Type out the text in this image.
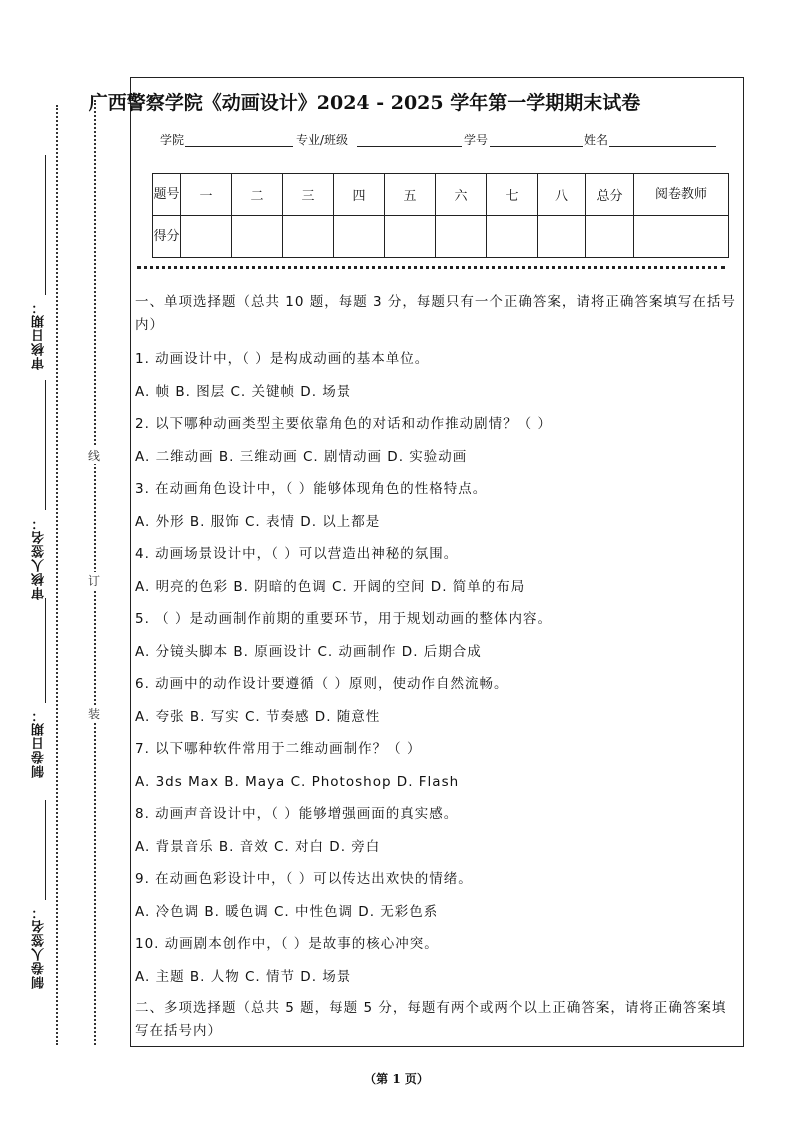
审核日期：
审核人签名：
制卷日期：
制卷人签名：
线
订
装
广西警察学院《动画设计》2024 - 2025 学年第一学期期末试卷
学院	专业/班级	学号	姓名
题号	一	二	三	四	五	六	七	八	总分	阅卷教师
得分										

一、单项选择题（总共 10 题，每题 3 分，每题只有一个正确答案，请将正确答案填写在括号内）

1. 动画设计中，（ ）是构成动画的基本单位。

A. 帧 B. 图层 C. 关键帧 D. 场景

2. 以下哪种动画类型主要依靠角色的对话和动作推动剧情？（ ）

A. 二维动画 B. 三维动画 C. 剧情动画 D. 实验动画

3. 在动画角色设计中，（ ）能够体现角色的性格特点。

A. 外形 B. 服饰 C. 表情 D. 以上都是

4. 动画场景设计中，（ ）可以营造出神秘的氛围。

A. 明亮的色彩 B. 阴暗的色调 C. 开阔的空间 D. 简单的布局

5. （ ）是动画制作前期的重要环节，用于规划动画的整体内容。

A. 分镜头脚本 B. 原画设计 C. 动画制作 D. 后期合成

6. 动画中的动作设计要遵循（ ）原则，使动作自然流畅。

A. 夸张 B. 写实 C. 节奏感 D. 随意性

7. 以下哪种软件常用于二维动画制作？（ ）

A. 3ds Max B. Maya C. Photoshop D. Flash

8. 动画声音设计中，（ ）能够增强画面的真实感。

A. 背景音乐 B. 音效 C. 对白 D. 旁白

9. 在动画色彩设计中，（ ）可以传达出欢快的情绪。

A. 冷色调 B. 暖色调 C. 中性色调 D. 无彩色系

10. 动画剧本创作中，（ ）是故事的核心冲突。

A. 主题 B. 人物 C. 情节 D. 场景

二、多项选择题（总共 5 题，每题 5 分，每题有两个或两个以上正确答案，请将正确答案填写在括号内）

（第 1 页）
